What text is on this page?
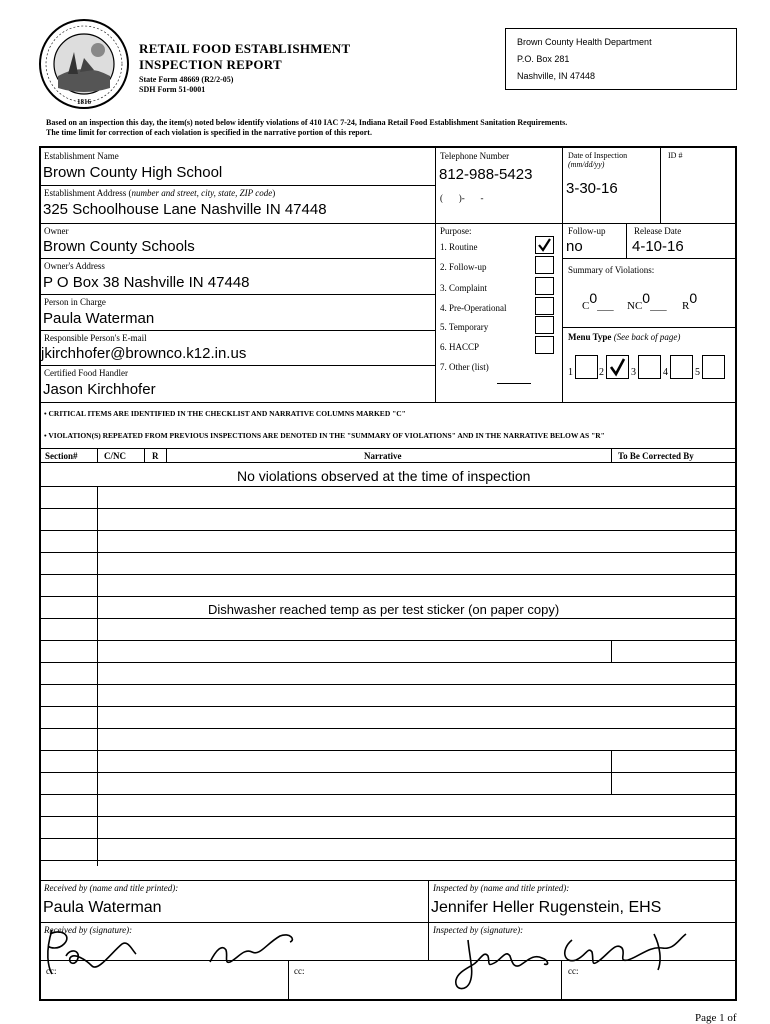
1816
RETAIL FOOD ESTABLISHMENT
INSPECTION REPORT
State Form 48669 (R2/2-05)
SDH Form 51-0001
Brown County Health Department
P.O. Box 281
Nashville, IN 47448
Based on an inspection this day, the item(s) noted below identify violations of 410 IAC 7-24, Indiana Retail Food Establishment Sanitation Requirements.
The time limit for correction of each violation is specified in the narrative portion of this report.
Establishment Name
Brown County High School
Establishment Address (number and street, city, state, ZIP code)
325 Schoolhouse Lane Nashville IN 47448
Owner
Brown County Schools
Owner's Address
P O Box 38 Nashville IN 47448
Person in Charge
Paula Waterman
Responsible Person's E-mail
jkirchhofer@brownco.k12.in.us
Certified Food Handler
Jason Kirchhofer
Telephone Number
812-988-5423
(       )-       -
Date of Inspection
(mm/dd/yy)
3-30-16
ID #
Purpose:
1. Routine
2. Follow-up
3. Complaint
4. Pre-Operational
5. Temporary
6. HACCP
7. Other (list)
Follow-up
no
Release Date
4-10-16
Summary of Violations:
C0___ NC0___ R0
Menu Type (See back of page)
1	2	3	4	5
• CRITICAL ITEMS ARE IDENTIFIED IN THE CHECKLIST AND NARRATIVE COLUMNS MARKED "C"
• VIOLATION(S) REPEATED FROM PREVIOUS INSPECTIONS ARE DENOTED IN THE "SUMMARY OF VIOLATIONS" AND IN THE NARRATIVE BELOW AS "R"
Section#	C/NC	R	Narrative	To Be Corrected By
No violations observed at the time of inspection
Dishwasher reached temp as per test sticker (on paper copy)
Received by (name and title printed):
Paula Waterman
Inspected by (name and title printed):
Jennifer Heller Rugenstein, EHS
Received by (signature):	Inspected by (signature):
cc:	cc:	cc:
Page 1 of
